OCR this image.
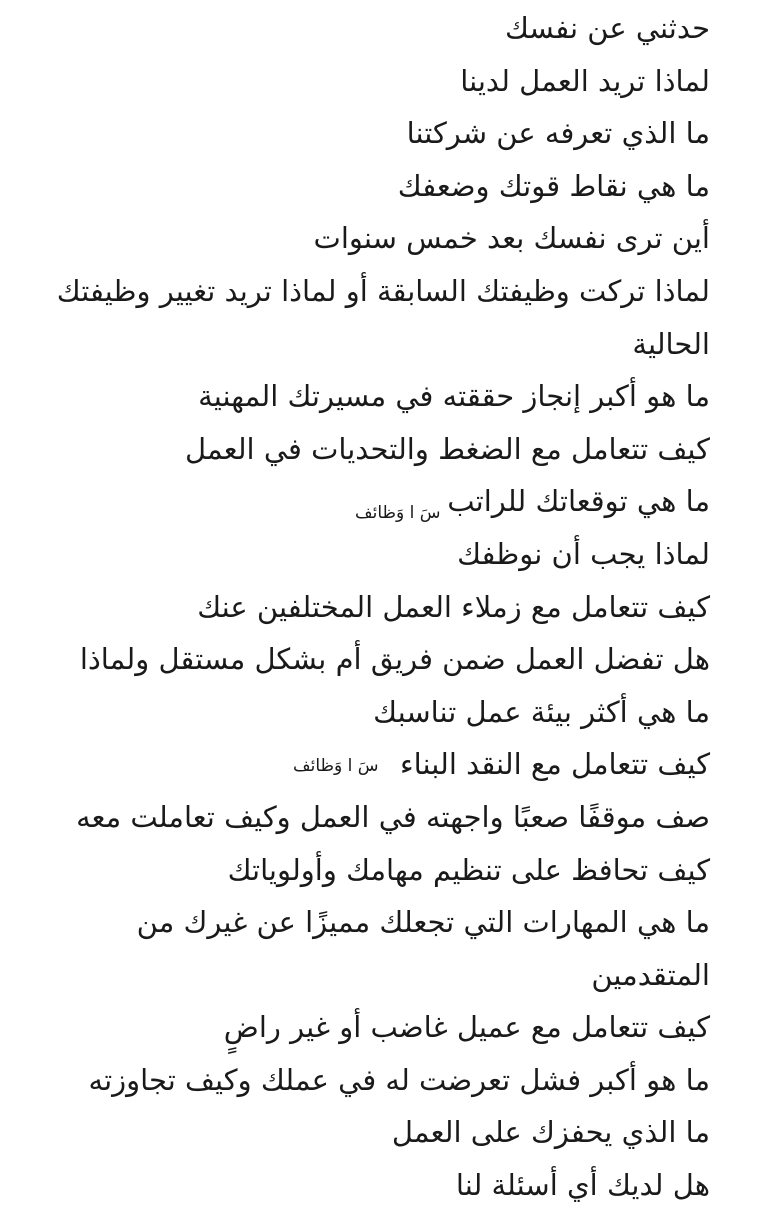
حدثني عن نفسك
لماذا تريد العمل لدينا
ما الذي تعرفه عن شركتنا
ما هي نقاط قوتك وضعفك
أين ترى نفسك بعد خمس سنوات
لماذا تركت وظيفتك السابقة أو لماذا تريد تغيير وظيفتك
الحالية
ما هو أكبر إنجاز حققته في مسيرتك المهنية
كيف تتعامل مع الضغط والتحديات في العمل
ما هي توقعاتك للراتب
لماذا يجب أن نوظفك
كيف تتعامل مع زملاء العمل المختلفين عنك
هل تفضل العمل ضمن فريق أم بشكل مستقل ولماذا
ما هي أكثر بيئة عمل تناسبك
كيف تتعامل مع النقد البناء
صف موقفًا صعبًا واجهته في العمل وكيف تعاملت معه
كيف تحافظ على تنظيم مهامك وأولوياتك
ما هي المهارات التي تجعلك مميزًا عن غيرك من
المتقدمين
كيف تتعامل مع عميل غاضب أو غير راضٍ
ما هو أكبر فشل تعرضت له في عملك وكيف تجاوزته
ما الذي يحفزك على العمل
هل لديك أي أسئلة لنا
سَ ا وَظائف
سَ ا وَظائف
